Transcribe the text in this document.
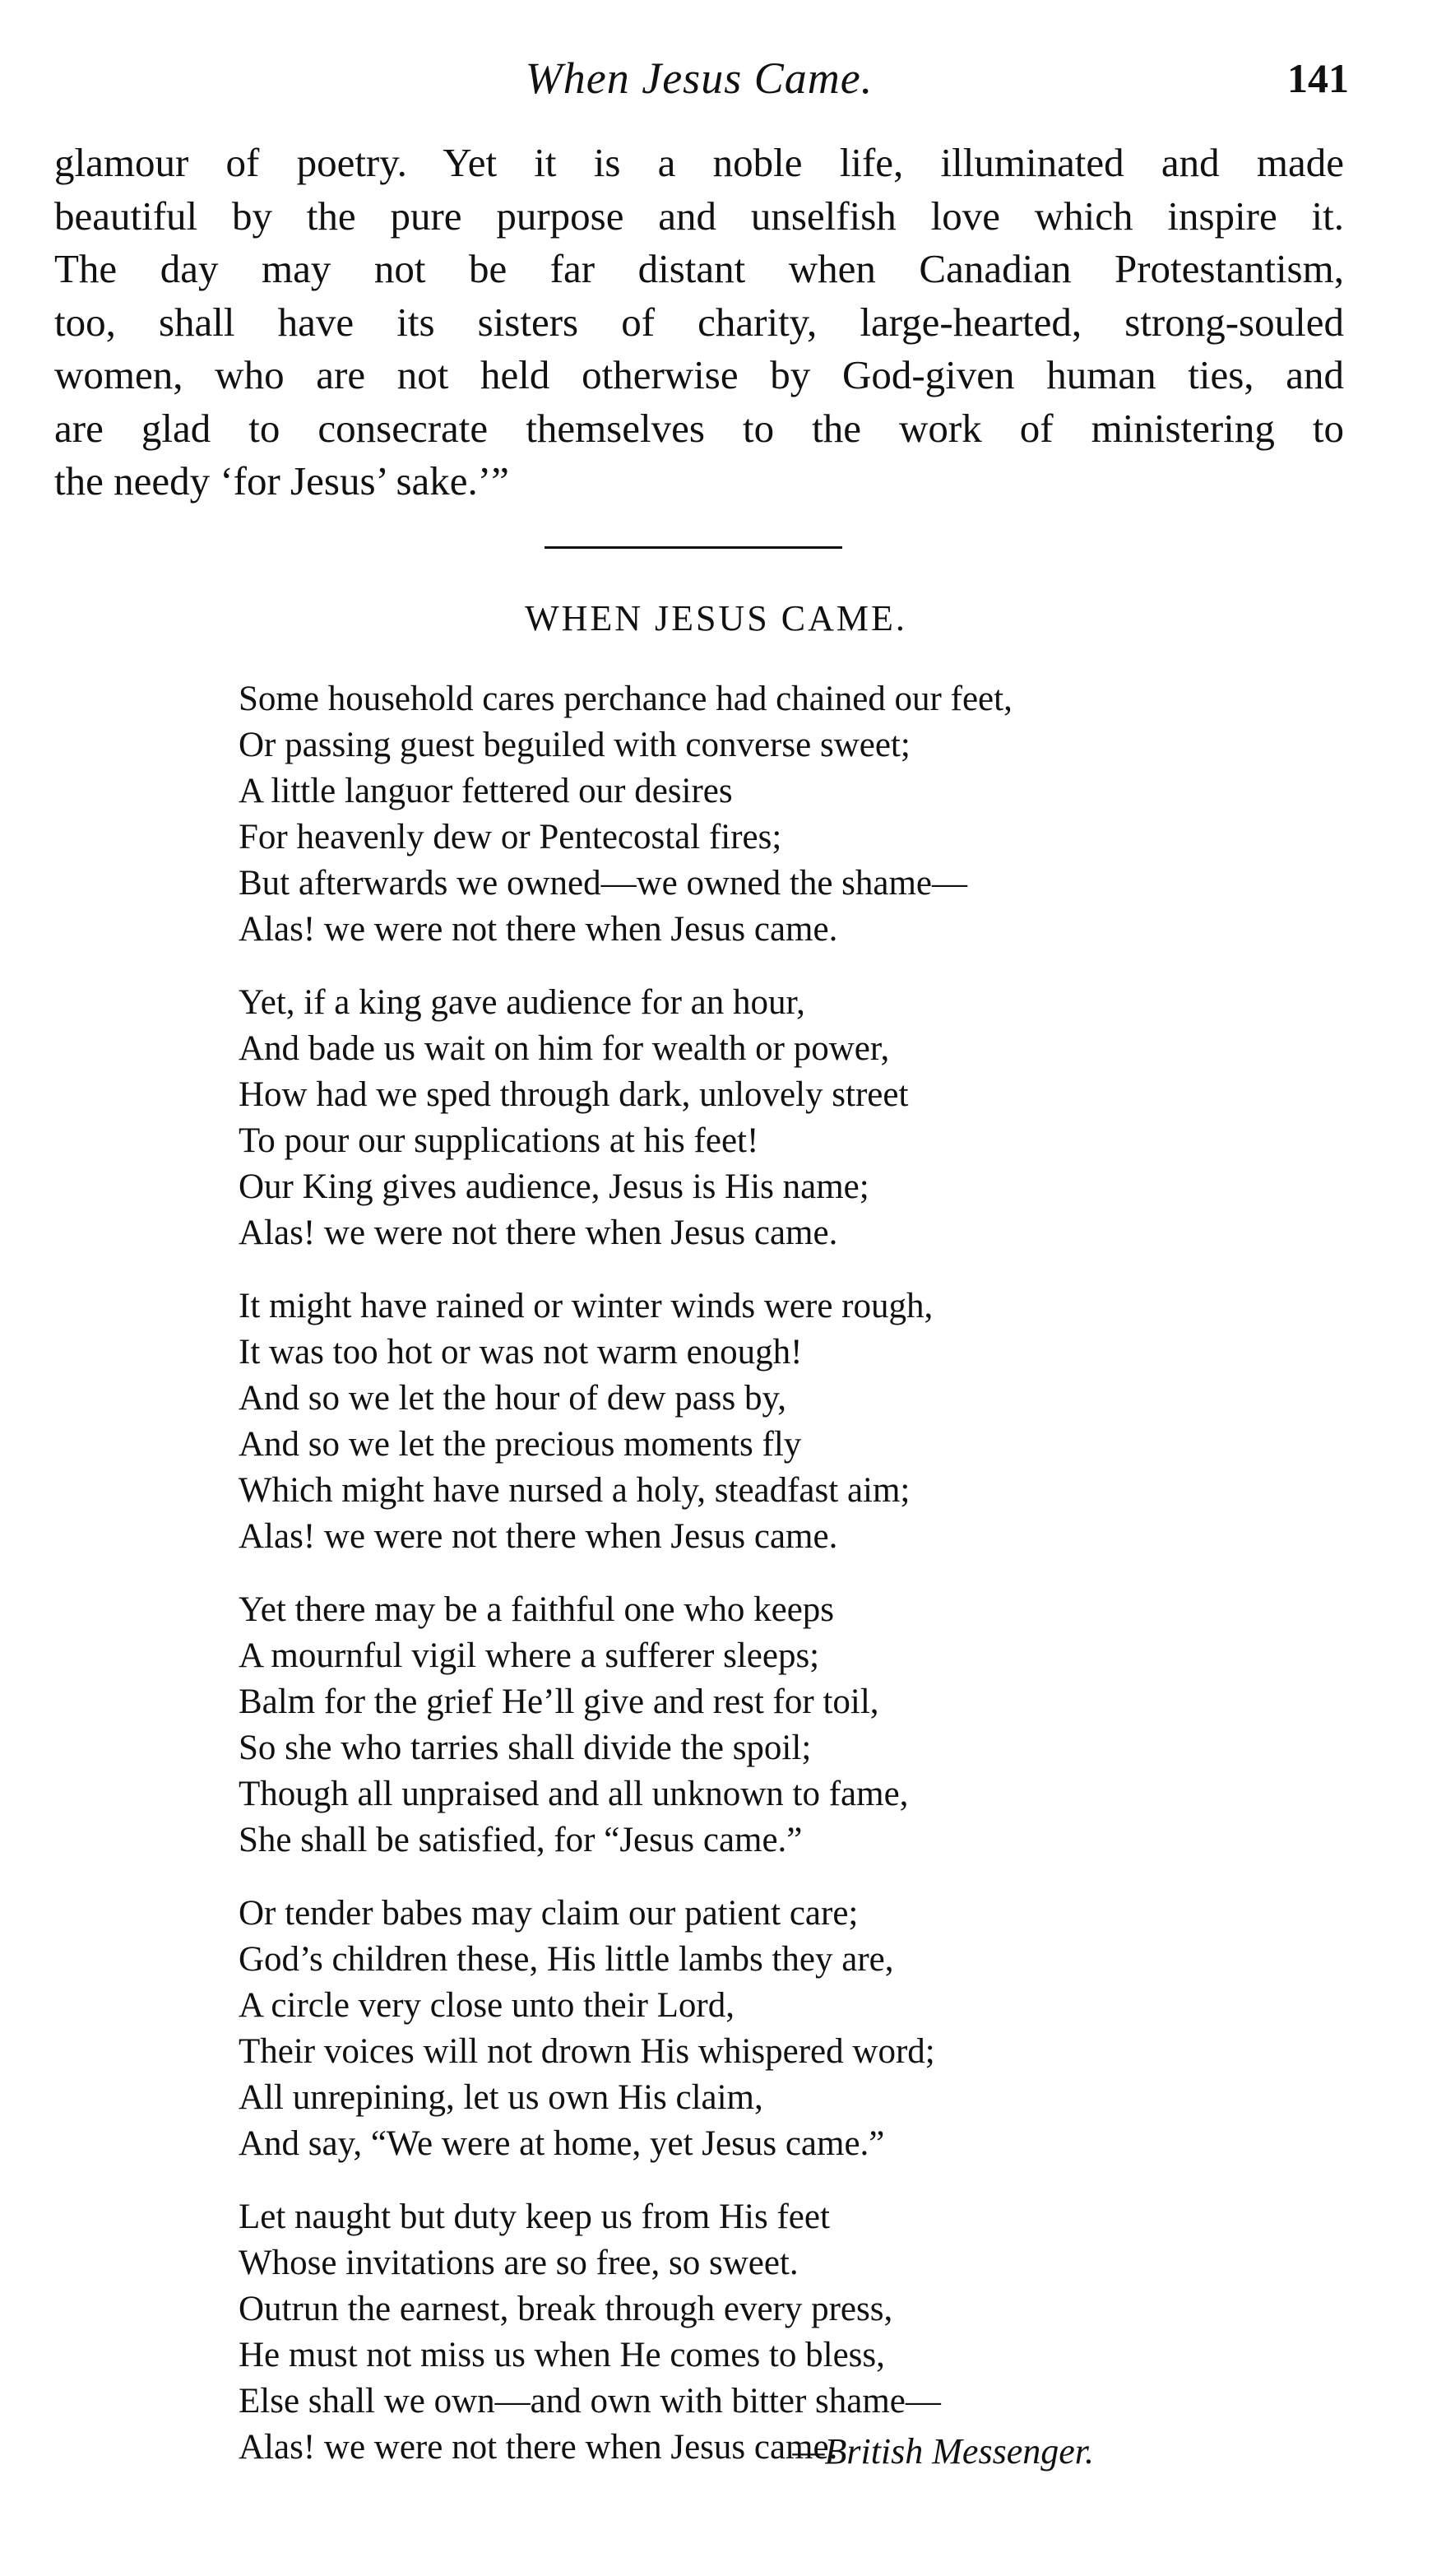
When Jesus Came.	141
glamour of poetry. Yet it is a noble life, illuminated and made
beautiful by the pure purpose and unselfish love which inspire it.
The day may not be far distant when Canadian Protestantism,
too, shall have its sisters of charity, large-hearted, strong-souled
women, who are not held otherwise by God-given human ties, and
are glad to consecrate themselves to the work of ministering to
the needy ‘for Jesus’ sake.’”
WHEN JESUS CAME.
Some household cares perchance had chained our feet,
Or passing guest beguiled with converse sweet;
A little languor fettered our desires
For heavenly dew or Pentecostal fires;
But afterwards we owned—we owned the shame—
Alas! we were not there when Jesus came.
Yet, if a king gave audience for an hour,
And bade us wait on him for wealth or power,
How had we sped through dark, unlovely street
To pour our supplications at his feet!
Our King gives audience, Jesus is His name;
Alas! we were not there when Jesus came.
It might have rained or winter winds were rough,
It was too hot or was not warm enough!
And so we let the hour of dew pass by,
And so we let the precious moments fly
Which might have nursed a holy, steadfast aim;
Alas! we were not there when Jesus came.
Yet there may be a faithful one who keeps
A mournful vigil where a sufferer sleeps;
Balm for the grief He’ll give and rest for toil,
So she who tarries shall divide the spoil;
Though all unpraised and all unknown to fame,
She shall be satisfied, for “Jesus came.”
Or tender babes may claim our patient care;
God’s children these, His little lambs they are,
A circle very close unto their Lord,
Their voices will not drown His whispered word;
All unrepining, let us own His claim,
And say, “We were at home, yet Jesus came.”
Let naught but duty keep us from His feet
Whose invitations are so free, so sweet.
Outrun the earnest, break through every press,
He must not miss us when He comes to bless,
Else shall we own—and own with bitter shame—
Alas! we were not there when Jesus came.
—British Messenger.
